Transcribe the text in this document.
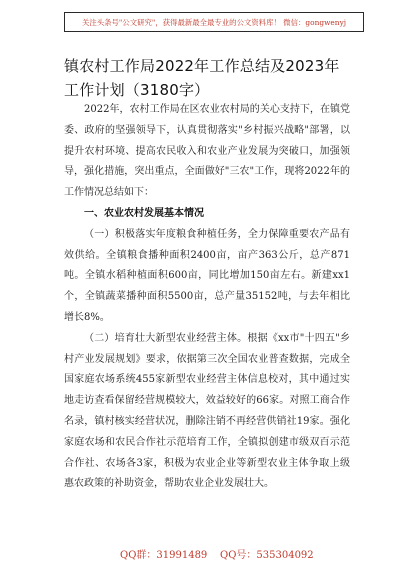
关注头条号"公文研究"，获得最新最全最专业的公文资料库！ 微信：gongwenyj
镇农村工作局2022年工作总结及2023年工作计划（3180字）

2022年，农村工作局在区农业农村局的关心支持下，在镇党委、政府的坚强领导下，认真贯彻落实"乡村振兴战略"部署，以提升农村环境、提高农民收入和农业产业发展为突破口，加强领导，强化措施，突出重点，全面做好"三农"工作，现将2022年的工作情况总结如下：

一、农业农村发展基本情况

（一）积极落实年度粮食种植任务，全力保障重要农产品有效供给。全镇粮食播种面积2400亩，亩产363公斤，总产871吨。全镇水稻种植面积600亩，同比增加150亩左右。新建xx1个，全镇蔬菜播种面积5500亩，总产量35152吨，与去年相比增长8%。

（二）培育壮大新型农业经营主体。根据《xx市"十四五"乡村产业发展规划》要求，依据第三次全国农业普查数据，完成全国家庭农场系统455家新型农业经营主体信息校对，其中通过实地走访查看保留经营规模较大，效益较好的66家。对照工商合作名录，镇村核实经营状况，删除注销不再经营供销社19家。强化家庭农场和农民合作社示范培育工作，全镇拟创建市级双百示范合作社、农场各3家，积极为农业企业等新型农业主体争取上级惠农政策的补助资金，帮助农业企业发展壮大。

QQ群：31991489 QQ号：535304092
